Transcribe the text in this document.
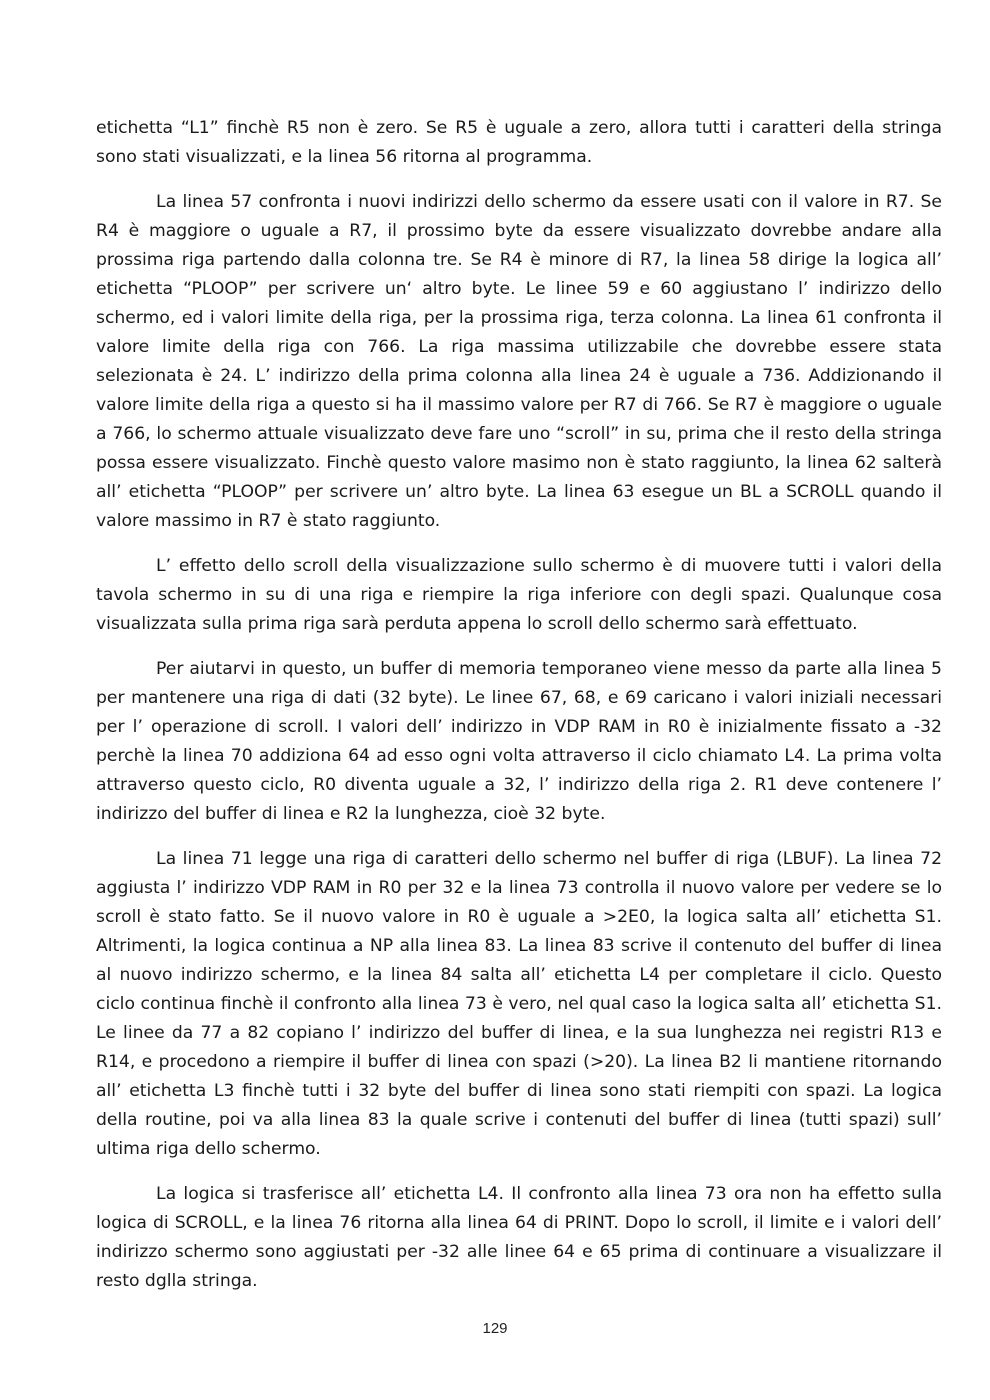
etichetta “L1” finchè R5 non è zero. Se R5 è uguale a zero, allora tutti i caratteri della stringa sono stati visualizzati, e la linea 56 ritorna al programma.

La linea 57 confronta i nuovi indirizzi dello schermo da essere usati con il valore in R7. Se R4 è maggiore o uguale a R7, il prossimo byte da essere visualizzato dovrebbe andare alla prossima riga partendo dalla colonna tre. Se R4 è minore di R7, la linea 58 dirige la logica all’ etichetta “PLOOP” per scrivere un‘ altro byte. Le linee 59 e 60 aggiustano l’ indirizzo dello schermo, ed i valori limite della riga, per la prossima riga, terza colonna. La linea 61 confronta il valore limite della riga con 766. La riga massima utilizzabile che dovrebbe essere stata selezionata è 24. L’ indirizzo della prima colonna alla linea 24 è uguale a 736. Addizionando il valore limite della riga a questo si ha il massimo valore per R7 di 766. Se R7 è maggiore o uguale a 766, lo schermo attuale visualizzato deve fare uno “scroll” in su, prima che il resto della stringa possa essere visualizzato. Finchè questo valore masimo non è stato raggiunto, la linea 62 salterà all’ etichetta “PLOOP” per scrivere un’ altro byte. La linea 63 esegue un BL a SCROLL quando il valore massimo in R7 è stato raggiunto.

L’ effetto dello scroll della visualizzazione sullo schermo è di muovere tutti i valori della tavola schermo in su di una riga e riempire la riga inferiore con degli spazi. Qualunque cosa visualizzata sulla prima riga sarà perduta appena lo scroll dello schermo sarà effettuato.

Per aiutarvi in questo, un buffer di memoria temporaneo viene messo da parte alla linea 5 per mantenere una riga di dati (32 byte). Le linee 67, 68, e 69 caricano i valori iniziali necessari per l’ operazione di scroll. I valori dell’ indirizzo in VDP RAM in R0 è inizialmente fissato a -32 perchè la linea 70 addiziona 64 ad esso ogni volta attraverso il ciclo chiamato L4. La prima volta attraverso questo ciclo, R0 diventa uguale a 32, l’ indirizzo della riga 2. R1 deve contenere l’ indirizzo del buffer di linea e R2 la lunghezza, cioè 32 byte.

La linea 71 legge una riga di caratteri dello schermo nel buffer di riga (LBUF). La linea 72 aggiusta l’ indirizzo VDP RAM in R0 per 32 e la linea 73 controlla il nuovo valore per vedere se lo scroll è stato fatto. Se il nuovo valore in R0 è uguale a >2E0, la logica salta all’ etichetta S1. Altrimenti, la logica continua a NP alla linea 83. La linea 83 scrive il contenuto del buffer di linea al nuovo indirizzo schermo, e la linea 84 salta all’ etichetta L4 per completare il ciclo. Questo ciclo continua finchè il confronto alla linea 73 è vero, nel qual caso la logica salta all’ etichetta S1. Le linee da 77 a 82 copiano l’ indirizzo del buffer di linea, e la sua lunghezza nei registri R13 e R14, e procedono a riempire il buffer di linea con spazi (>20). La linea B2 li mantiene ritornando all’ etichetta L3 finchè tutti i 32 byte del buffer di linea sono stati riempiti con spazi. La logica della routine, poi va alla linea 83 la quale scrive i contenuti del buffer di linea (tutti spazi) sull’ ultima riga dello schermo.

La logica si trasferisce all’ etichetta L4. Il confronto alla linea 73 ora non ha effetto sulla logica di SCROLL, e la linea 76 ritorna alla linea 64 di PRINT. Dopo lo scroll, il limite e i valori dell’ indirizzo schermo sono aggiustati per -32 alle linee 64 e 65 prima di continuare a visualizzare il resto dglla stringa.

129
